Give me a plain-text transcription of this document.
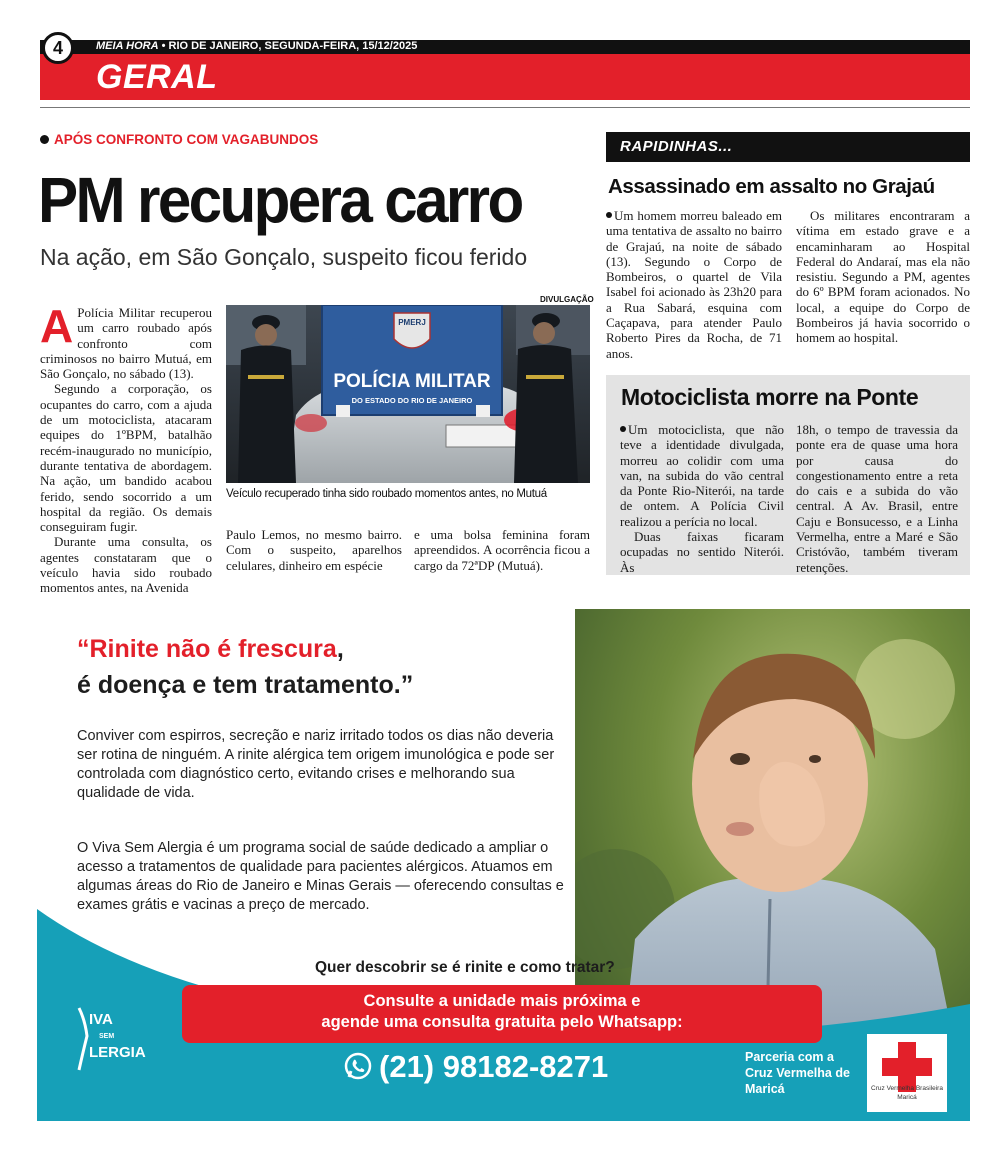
4	MEIA HORA • RIO DE JANEIRO, SEGUNDA-FEIRA, 15/12/2025
GERAL
APÓS CONFRONTO COM VAGABUNDOS
PM recupera carro
Na ação, em São Gonçalo, suspeito ficou ferido

A Polícia Militar recuperou um carro roubado após confronto com criminosos no bairro Mutuá, em São Gonçalo, no sábado (13).

Segundo a corporação, os ocupantes do carro, com a ajuda de um motociclista, atacaram equipes do 1ºBPM, batalhão recém-inaugurado no município, durante tentativa de abordagem. Na ação, um bandido acabou ferido, sendo socorrido a um hospital da região. Os demais conseguiram fugir.

Durante uma consulta, os agentes constataram que o veículo havia sido roubado momentos antes, na Avenida

DIVULGAÇÃO
PMERJ
POLÍCIA MILITAR
DO ESTADO DO RIO DE JANEIRO
Veículo recuperado tinha sido roubado momentos antes, no Mutuá

Paulo Lemos, no mesmo bairro. Com o suspeito, aparelhos celulares, dinheiro em espécie

e uma bolsa feminina foram apreendidos. A ocorrência ficou a cargo da 72ªDP (Mutuá).

RAPIDINHAS...
Assassinado em assalto no Grajaú

Um homem morreu baleado em uma tentativa de assalto no bairro de Grajaú, na noite de sábado (13). Segundo o Corpo de Bombeiros, o quartel de Vila Isabel foi acionado às 23h20 para a Rua Sabará, esquina com Caçapava, para atender Paulo Roberto Pires da Rocha, de 71 anos.

Os militares encontraram a vítima em estado grave e a encaminharam ao Hospital Federal do Andaraí, mas ela não resistiu. Segundo a PM, agentes do 6º BPM foram acionados. No local, a equipe do Corpo de Bombeiros já havia socorrido o homem ao hospital.

Motociclista morre na Ponte

Um motociclista, que não teve a identidade divulgada, morreu ao colidir com uma van, na subida do vão central da Ponte Rio-Niterói, na tarde de ontem. A Polícia Civil realizou a perícia no local.

Duas faixas ficaram ocupadas no sentido Niterói. Às

18h, o tempo de travessia da ponte era de quase uma hora por causa do congestionamento entre a reta do cais e a subida do vão central. A Av. Brasil, entre Caju e Bonsucesso, e a Linha Vermelha, entre a Maré e São Cristóvão, também tiveram retenções.

“Rinite não é frescura,
é doença e tem tratamento.”
Conviver com espirros, secreção e nariz irritado todos os dias não deveria ser rotina de ninguém. A rinite alérgica tem origem imunológica e pode ser controlada com diagnóstico certo, evitando crises e melhorando sua qualidade de vida.
O Viva Sem Alergia é um programa social de saúde dedicado a ampliar o acesso a tratamentos de qualidade para pacientes alérgicos. Atuamos em algumas áreas do Rio de Janeiro e Minas Gerais — oferecendo consultas e exames grátis e vacinas a preço de mercado.
Quer descobrir se é rinite e como tratar?
Consulte a unidade mais próxima e
agende uma consulta gratuita pelo Whatsapp:
(21) 98182-8271
IVA
SEM
LERGIA	Parceria com a Cruz Vermelha de Maricá	Cruz Vermelha Brasileira Maricá
